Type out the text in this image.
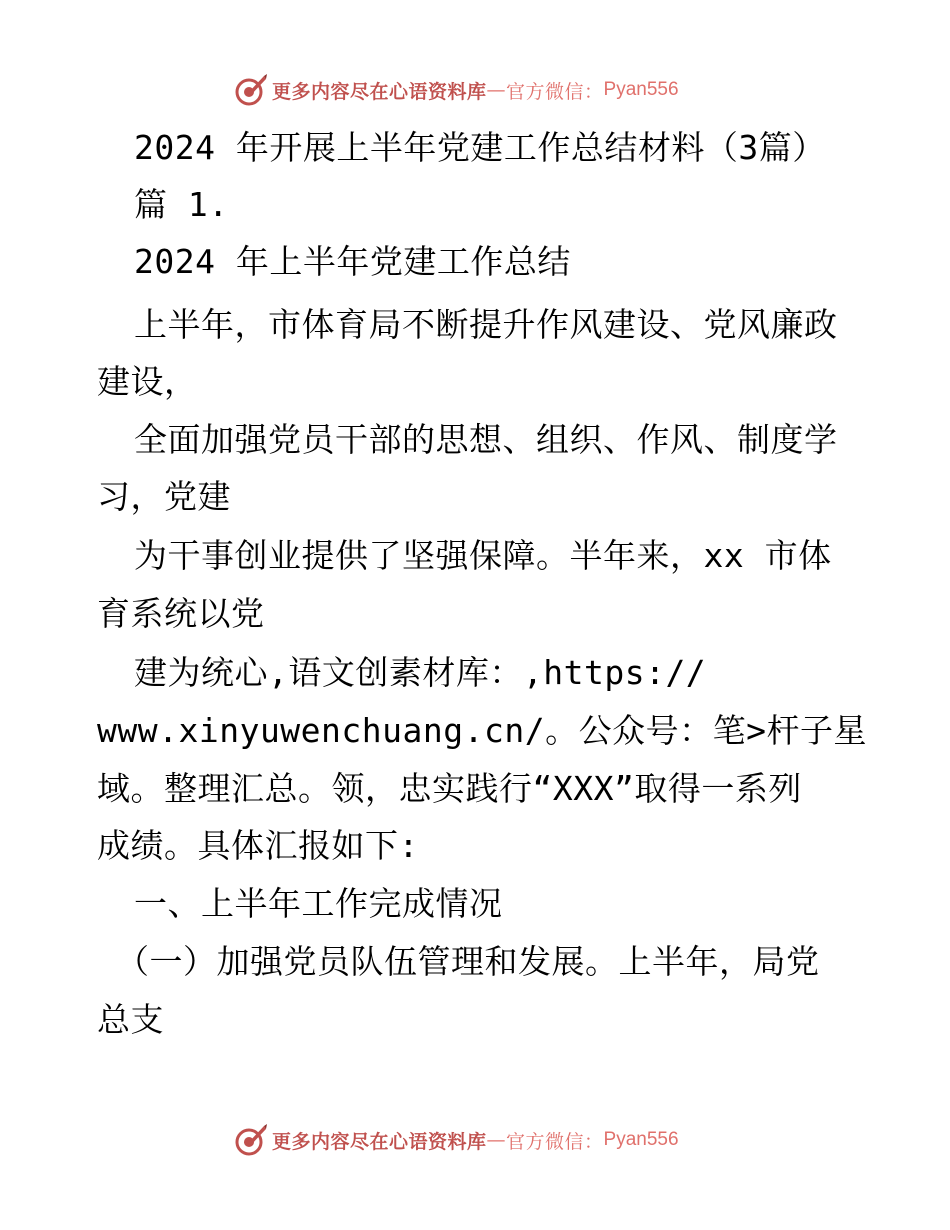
更多内容尽在心语资料库 — 官方微信： Pyan556
2024 年开展上半年党建工作总结材料（3篇）
篇 1.
2024 年上半年党建工作总结
上半年，市体育局不断提升作风建设、党风廉政
建设，
全面加强党员干部的思想、组织、作风、制度学
习，党建
为干事创业提供了坚强保障。半年来，xx 市体
育系统以党
建为统心,语文创素材库：,https://
www.xinyuwenchuang.cn/。公众号：笔>杆子星
域。整理汇总。领，忠实践行“XXX”取得一系列
成绩。具体汇报如下:
一、上半年工作完成情况
（一）加强党员队伍管理和发展。上半年，局党
总支
更多内容尽在心语资料库 — 官方微信： Pyan556
